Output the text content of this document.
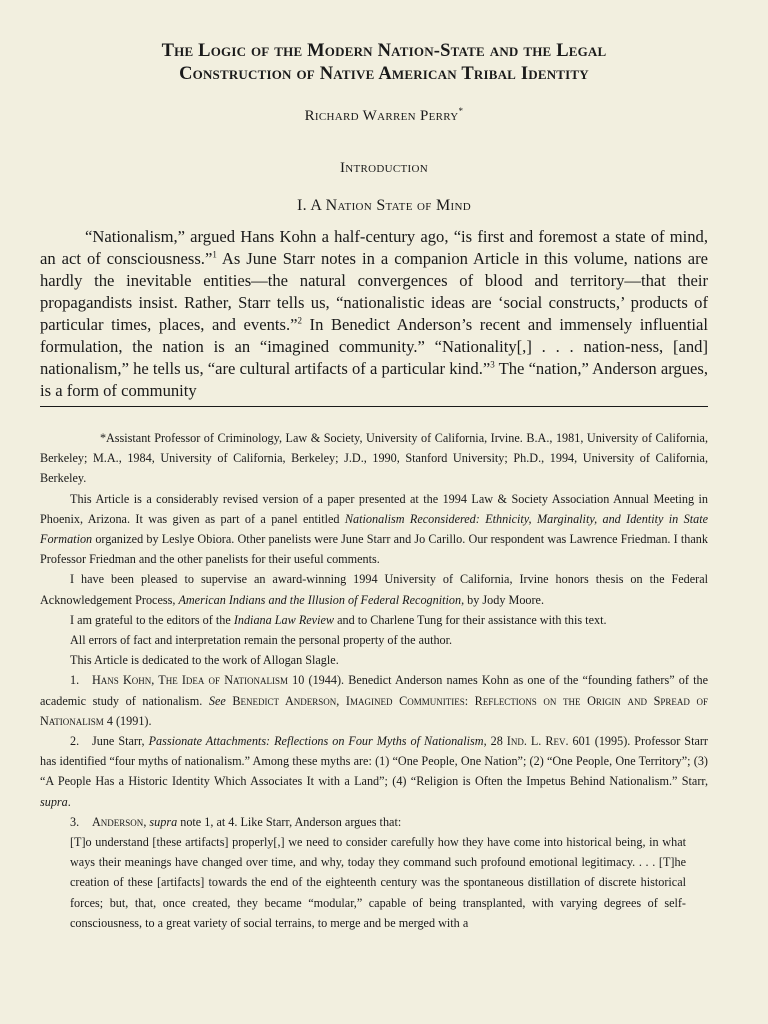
The Logic of the Modern Nation-State and the Legal
Construction of Native American Tribal Identity
Richard Warren Perry*
Introduction
I. A Nation State of Mind

“Nationalism,” argued Hans Kohn a half-century ago, “is first and foremost a state of mind, an act of consciousness.”$^1$ As June Starr notes in a companion Article in this volume, nations are hardly the inevitable entities—the natural convergences of blood and territory—that their propagandists insist. Rather, Starr tells us, “nationalistic ideas are ‘social constructs,’ products of particular times, places, and events.”$^2$ In Benedict Anderson’s recent and immensely influential formulation, the nation is an “imagined community.” “Nationality[,] . . . nation-ness, [and] nationalism,” he tells us, “are cultural artifacts of a particular kind.”$^3$ The “nation,” Anderson argues, is a form of community

*Assistant Professor of Criminology, Law & Society, University of California, Irvine. B.A., 1981, University of California, Berkeley; M.A., 1984, University of California, Berkeley; J.D., 1990, Stanford University; Ph.D., 1994, University of California, Berkeley.

This Article is a considerably revised version of a paper presented at the 1994 Law & Society Association Annual Meeting in Phoenix, Arizona. It was given as part of a panel entitled Nationalism Reconsidered: Ethnicity, Marginality, and Identity in State Formation organized by Leslye Obiora. Other panelists were June Starr and Jo Carillo. Our respondent was Lawrence Friedman. I thank Professor Friedman and the other panelists for their useful comments.

I have been pleased to supervise an award-winning 1994 University of California, Irvine honors thesis on the Federal Acknowledgement Process, American Indians and the Illusion of Federal Recognition, by Jody Moore.

I am grateful to the editors of the Indiana Law Review and to Charlene Tung for their assistance with this text.

All errors of fact and interpretation remain the personal property of the author.

This Article is dedicated to the work of Allogan Slagle.

1. Hans Kohn, The Idea of Nationalism 10 (1944). Benedict Anderson names Kohn as one of the “founding fathers” of the academic study of nationalism. See Benedict Anderson, Imagined Communities: Reflections on the Origin and Spread of Nationalism 4 (1991).

2. June Starr, Passionate Attachments: Reflections on Four Myths of Nationalism, 28 Ind. L. Rev. 601 (1995). Professor Starr has identified “four myths of nationalism.” Among these myths are: (1) “One People, One Nation”; (2) “One People, One Territory”; (3) “A People Has a Historic Identity Which Associates It with a Land”; (4) “Religion is Often the Impetus Behind Nationalism.” Starr, supra.

3. Anderson, supra note 1, at 4. Like Starr, Anderson argues that:

[T]o understand [these artifacts] properly[,] we need to consider carefully how they have come into historical being, in what ways their meanings have changed over time, and why, today they command such profound emotional legitimacy. . . . [T]he creation of these [artifacts] towards the end of the eighteenth century was the spontaneous distillation of discrete historical forces; but, that, once created, they became “modular,” capable of being transplanted, with varying degrees of self-consciousness, to a great variety of social terrains, to merge and be merged with a
